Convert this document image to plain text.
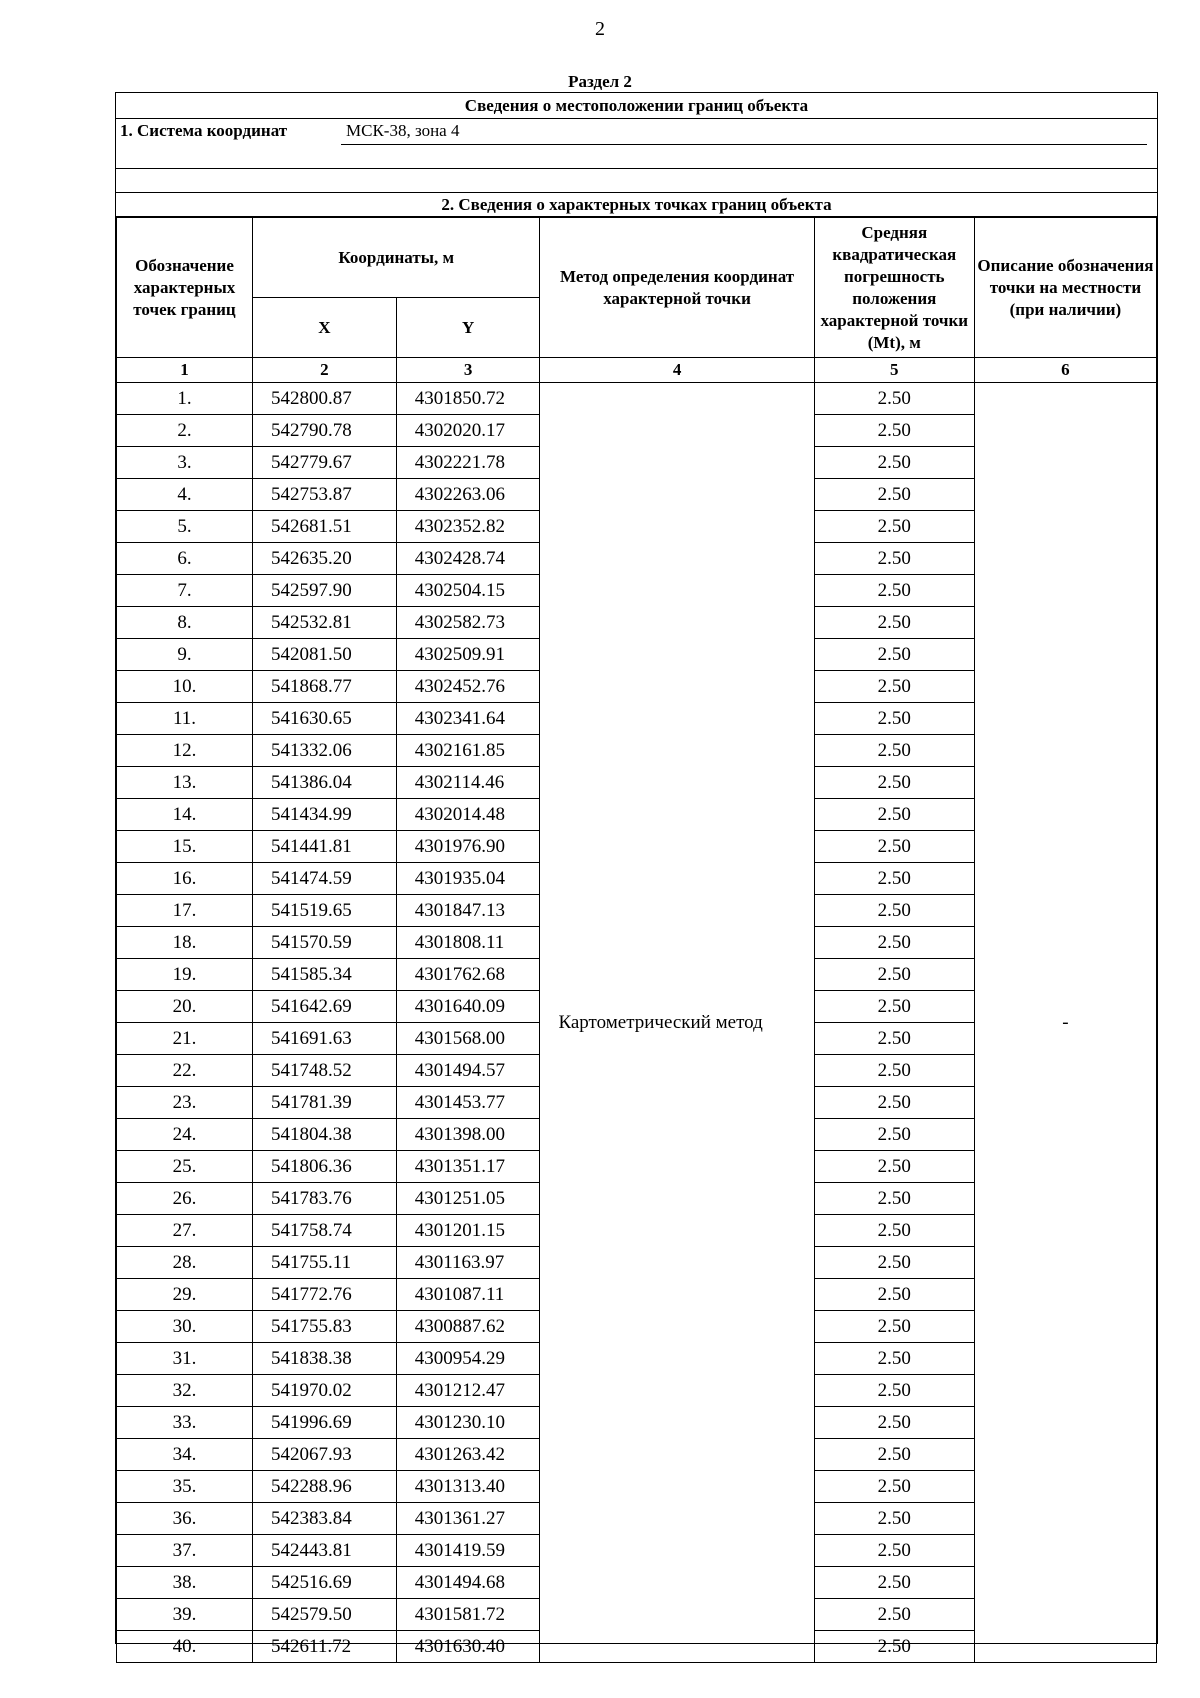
2
Раздел 2
Сведения о местоположении границ объекта
1. Система координат	МСК-38, зона 4
2. Сведения о характерных точках границ объекта
Обозначение характерных точек границ	Координаты, м		Метод определения координат характерной точки	Средняя квадратическая погрешность положения характерной точки (Mt), м	Описание обозначения точки на местности (при наличии)
	X	Y			
1	2	3	4	5	6
1.	542800.87	4301850.72	Картометрический метод	2.50	-
2.	542790.78	4302020.17		2.50	
3.	542779.67	4302221.78		2.50	
4.	542753.87	4302263.06		2.50	
5.	542681.51	4302352.82		2.50	
6.	542635.20	4302428.74		2.50	
7.	542597.90	4302504.15		2.50	
8.	542532.81	4302582.73		2.50	
9.	542081.50	4302509.91		2.50	
10.	541868.77	4302452.76		2.50	
11.	541630.65	4302341.64		2.50	
12.	541332.06	4302161.85		2.50	
13.	541386.04	4302114.46		2.50	
14.	541434.99	4302014.48		2.50	
15.	541441.81	4301976.90		2.50	
16.	541474.59	4301935.04		2.50	
17.	541519.65	4301847.13		2.50	
18.	541570.59	4301808.11		2.50	
19.	541585.34	4301762.68		2.50	
20.	541642.69	4301640.09		2.50	
21.	541691.63	4301568.00		2.50	
22.	541748.52	4301494.57		2.50	
23.	541781.39	4301453.77		2.50	
24.	541804.38	4301398.00		2.50	
25.	541806.36	4301351.17		2.50	
26.	541783.76	4301251.05		2.50	
27.	541758.74	4301201.15		2.50	
28.	541755.11	4301163.97		2.50	
29.	541772.76	4301087.11		2.50	
30.	541755.83	4300887.62		2.50	
31.	541838.38	4300954.29		2.50	
32.	541970.02	4301212.47		2.50	
33.	541996.69	4301230.10		2.50	
34.	542067.93	4301263.42		2.50	
35.	542288.96	4301313.40		2.50	
36.	542383.84	4301361.27		2.50	
37.	542443.81	4301419.59		2.50	
38.	542516.69	4301494.68		2.50	
39.	542579.50	4301581.72		2.50	
40.	542611.72	4301630.40		2.50	
